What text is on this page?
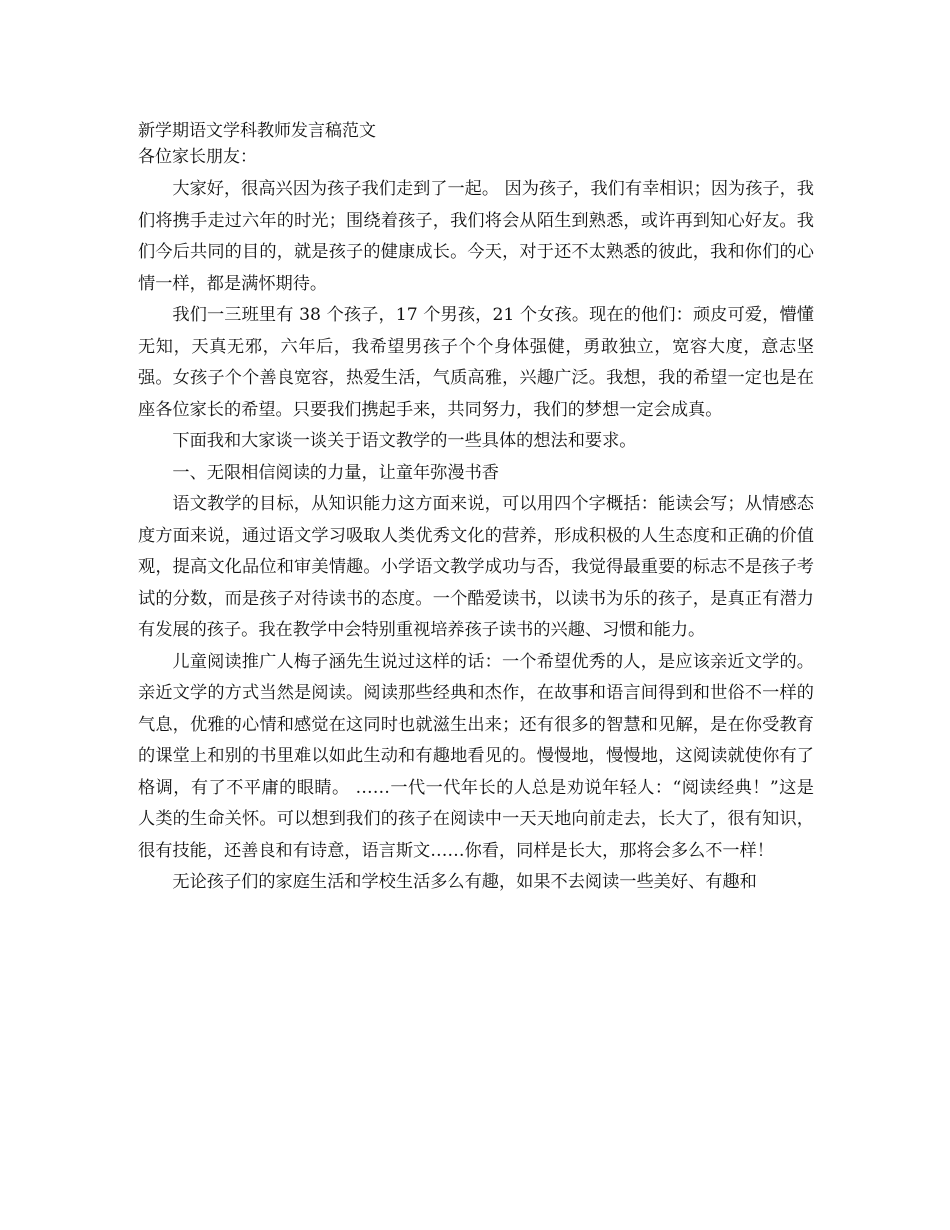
新学期语文学科教师发言稿范文

各位家长朋友：

大家好，很高兴因为孩子我们走到了一起。 因为孩子，我们有幸相识；因为孩子，我们将携手走过六年的时光；围绕着孩子，我们将会从陌生到熟悉，或许再到知心好友。我们今后共同的目的，就是孩子的健康成长。今天，对于还不太熟悉的彼此，我和你们的心情一样，都是满怀期待。

我们一三班里有 38 个孩子，17 个男孩，21 个女孩。现在的他们：顽皮可爱，懵懂无知，天真无邪，六年后，我希望男孩子个个身体强健，勇敢独立，宽容大度，意志坚强。女孩子个个善良宽容，热爱生活，气质高雅，兴趣广泛。我想，我的希望一定也是在座各位家长的希望。只要我们携起手来，共同努力，我们的梦想一定会成真。

下面我和大家谈一谈关于语文教学的一些具体的想法和要求。

一、无限相信阅读的力量，让童年弥漫书香

语文教学的目标，从知识能力这方面来说，可以用四个字概括：能读会写；从情感态度方面来说，通过语文学习吸取人类优秀文化的营养，形成积极的人生态度和正确的价值观，提高文化品位和审美情趣。小学语文教学成功与否，我觉得最重要的标志不是孩子考试的分数，而是孩子对待读书的态度。一个酷爱读书，以读书为乐的孩子，是真正有潜力有发展的孩子。我在教学中会特别重视培养孩子读书的兴趣、习惯和能力。

儿童阅读推广人梅子涵先生说过这样的话：一个希望优秀的人，是应该亲近文学的。亲近文学的方式当然是阅读。阅读那些经典和杰作，在故事和语言间得到和世俗不一样的气息，优雅的心情和感觉在这同时也就滋生出来；还有很多的智慧和见解，是在你受教育的课堂上和别的书里难以如此生动和有趣地看见的。慢慢地，慢慢地，这阅读就使你有了格调，有了不平庸的眼睛。 ……一代一代年长的人总是劝说年轻人：“阅读经典！”这是人类的生命关怀。可以想到我们的孩子在阅读中一天天地向前走去，长大了，很有知识，很有技能，还善良和有诗意，语言斯文……你看，同样是长大，那将会多么不一样！

无论孩子们的家庭生活和学校生活多么有趣，如果不去阅读一些美好、有趣和
